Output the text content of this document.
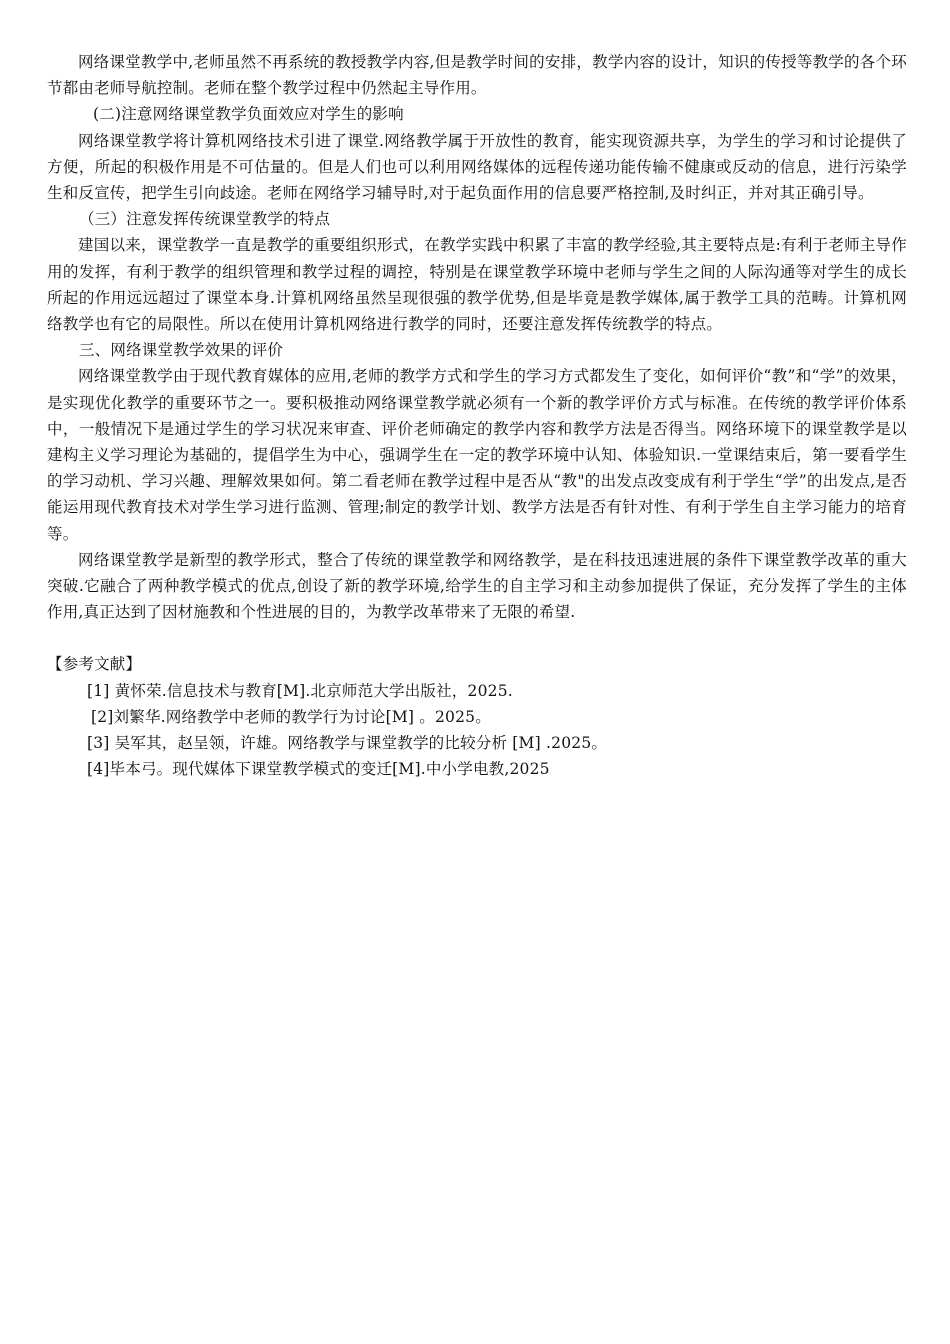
网络课堂教学中,老师虽然不再系统的教授教学内容,但是教学时间的安排，教学内容的设计，知识的传授等教学的各个环节都由老师导航控制。老师在整个教学过程中仍然起主导作用。

(二)注意网络课堂教学负面效应对学生的影响

网络课堂教学将计算机网络技术引进了课堂.网络教学属于开放性的教育，能实现资源共享，为学生的学习和讨论提供了方便，所起的积极作用是不可估量的。但是人们也可以利用网络媒体的远程传递功能传输不健康或反动的信息，进行污染学生和反宣传，把学生引向歧途。老师在网络学习辅导时,对于起负面作用的信息要严格控制,及时纠正，并对其正确引导。

（三）注意发挥传统课堂教学的特点

建国以来，课堂教学一直是教学的重要组织形式，在教学实践中积累了丰富的教学经验,其主要特点是:有利于老师主导作用的发挥，有利于教学的组织管理和教学过程的调控，特别是在课堂教学环境中老师与学生之间的人际沟通等对学生的成长所起的作用远远超过了课堂本身.计算机网络虽然呈现很强的教学优势,但是毕竟是教学媒体,属于教学工具的范畴。计算机网络教学也有它的局限性。所以在使用计算机网络进行教学的同时，还要注意发挥传统教学的特点。

三、网络课堂教学效果的评价

网络课堂教学由于现代教育媒体的应用,老师的教学方式和学生的学习方式都发生了变化，如何评价“教”和“学”的效果，是实现优化教学的重要环节之一。要积极推动网络课堂教学就必须有一个新的教学评价方式与标准。在传统的教学评价体系中，一般情况下是通过学生的学习状况来审查、评价老师确定的教学内容和教学方法是否得当。网络环境下的课堂教学是以建构主义学习理论为基础的，提倡学生为中心，强调学生在一定的教学环境中认知、体验知识.一堂课结束后，第一要看学生的学习动机、学习兴趣、理解效果如何。第二看老师在教学过程中是否从“教"的出发点改变成有利于学生“学”的出发点,是否能运用现代教育技术对学生学习进行监测、管理;制定的教学计划、教学方法是否有针对性、有利于学生自主学习能力的培育等。

网络课堂教学是新型的教学形式，整合了传统的课堂教学和网络教学，是在科技迅速进展的条件下课堂教学改革的重大突破.它融合了两种教学模式的优点,创设了新的教学环境,给学生的自主学习和主动参加提供了保证，充分发挥了学生的主体作用,真正达到了因材施教和个性进展的目的，为教学改革带来了无限的希望.

【参考文献】

[1] 黄怀荣.信息技术与教育[M].北京师范大学出版社，2025.
[2]刘繁华.网络教学中老师的教学行为讨论[M] 。2025。
[3] 吴军其，赵呈领，许雄。网络教学与课堂教学的比较分析 [M] .2025。
[4]毕本弓。现代媒体下课堂教学模式的变迁[M].中小学电教,2025
